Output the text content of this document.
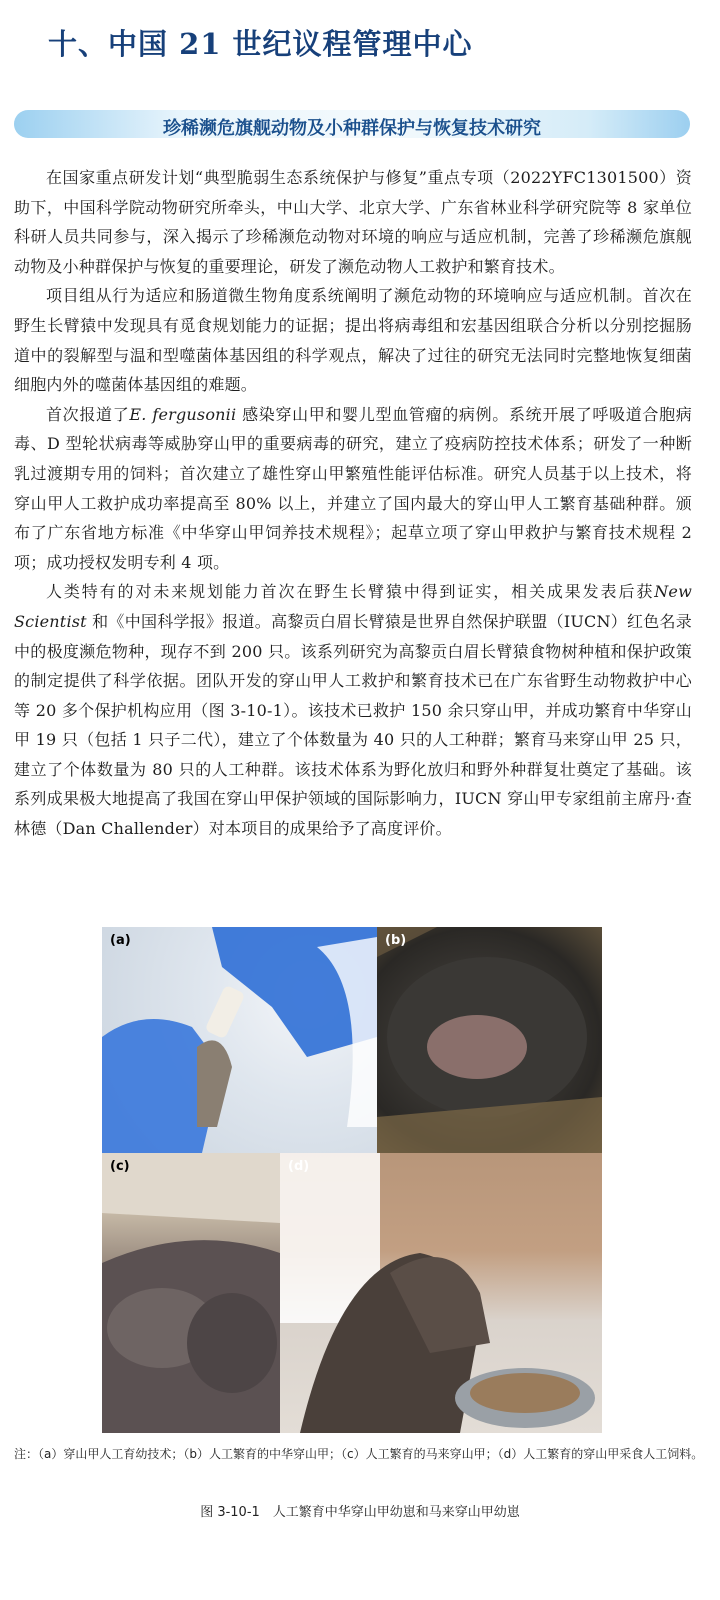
十、中国 21 世纪议程管理中心
珍稀濒危旗舰动物及小种群保护与恢复技术研究

在国家重点研发计划“典型脆弱生态系统保护与修复”重点专项（2022YFC1301500）资助下，中国科学院动物研究所牵头，中山大学、北京大学、广东省林业科学研究院等 8 家单位科研人员共同参与，深入揭示了珍稀濒危动物对环境的响应与适应机制，完善了珍稀濒危旗舰动物及小种群保护与恢复的重要理论，研发了濒危动物人工救护和繁育技术。

项目组从行为适应和肠道微生物角度系统阐明了濒危动物的环境响应与适应机制。首次在野生长臂猿中发现具有觅食规划能力的证据；提出将病毒组和宏基因组联合分析以分别挖掘肠道中的裂解型与温和型噬菌体基因组的科学观点，解决了过往的研究无法同时完整地恢复细菌细胞内外的噬菌体基因组的难题。

首次报道了E. fergusonii 感染穿山甲和婴儿型血管瘤的病例。系统开展了呼吸道合胞病毒、D 型轮状病毒等威胁穿山甲的重要病毒的研究，建立了疫病防控技术体系；研发了一种断乳过渡期专用的饲料；首次建立了雄性穿山甲繁殖性能评估标准。研究人员基于以上技术，将穿山甲人工救护成功率提高至 80% 以上，并建立了国内最大的穿山甲人工繁育基础种群。颁布了广东省地方标准《中华穿山甲饲养技术规程》；起草立项了穿山甲救护与繁育技术规程 2 项；成功授权发明专利 4 项。

人类特有的对未来规划能力首次在野生长臂猿中得到证实，相关成果发表后获New Scientist 和《中国科学报》报道。高黎贡白眉长臂猿是世界自然保护联盟（IUCN）红色名录中的极度濒危物种，现存不到 200 只。该系列研究为高黎贡白眉长臂猿食物树种植和保护政策的制定提供了科学依据。团队开发的穿山甲人工救护和繁育技术已在广东省野生动物救护中心等 20 多个保护机构应用（图 3-10-1）。该技术已救护 150 余只穿山甲，并成功繁育中华穿山甲 19 只（包括 1 只子二代），建立了个体数量为 40 只的人工种群；繁育马来穿山甲 25 只，建立了个体数量为 80 只的人工种群。该技术体系为野化放归和野外种群复壮奠定了基础。该系列成果极大地提高了我国在穿山甲保护领域的国际影响力，IUCN 穿山甲专家组前主席丹·查林德（Dan Challender）对本项目的成果给予了高度评价。

(a)	(b)
(c)	(d)

注：（a）穿山甲人工育幼技术；（b）人工繁育的中华穿山甲；（c）人工繁育的马来穿山甲；（d）人工繁育的穿山甲采食人工饲料。

图 3-10-1　人工繁育中华穿山甲幼崽和马来穿山甲幼崽
